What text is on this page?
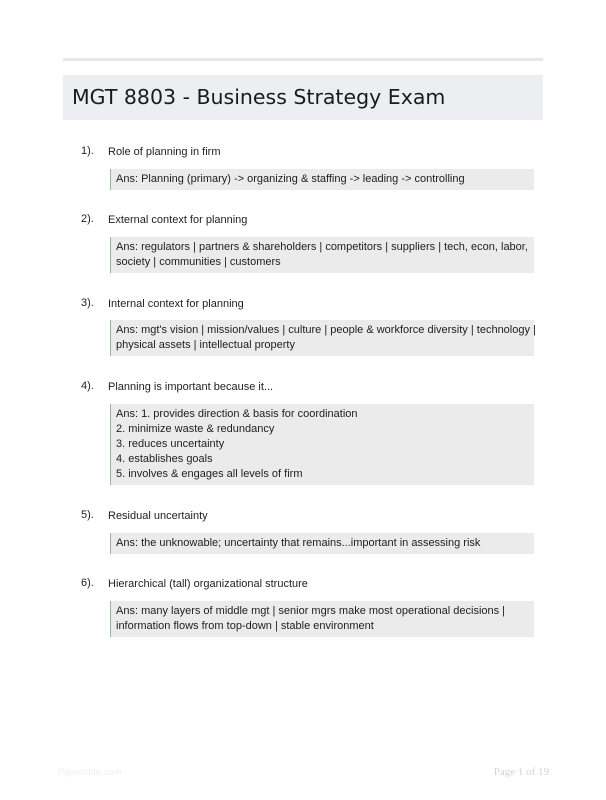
MGT 8803 - Business Strategy Exam
1). Role of planning in firm
Ans: Planning (primary) -> organizing & staffing -> leading -> controlling
2). External context for planning
Ans: regulators | partners & shareholders | competitors | suppliers | tech, econ, labor,
society | communities | customers
3). Internal context for planning
Ans: mgt's vision | mission/values | culture | people & workforce diversity | technology |
physical assets | intellectual property
4). Planning is important because it...
Ans: 1. provides direction & basis for coordination
2. minimize waste & redundancy
3. reduces uncertainty
4. establishes goals
5. involves & engages all levels of firm
5). Residual uncertainty
Ans: the unknowable; uncertainty that remains...important in assessing risk
6). Hierarchical (tall) organizational structure
Ans: many layers of middle mgt | senior mgrs make most operational decisions |
information flows from top-down | stable environment
Papertible.com	Page 1 of 19
